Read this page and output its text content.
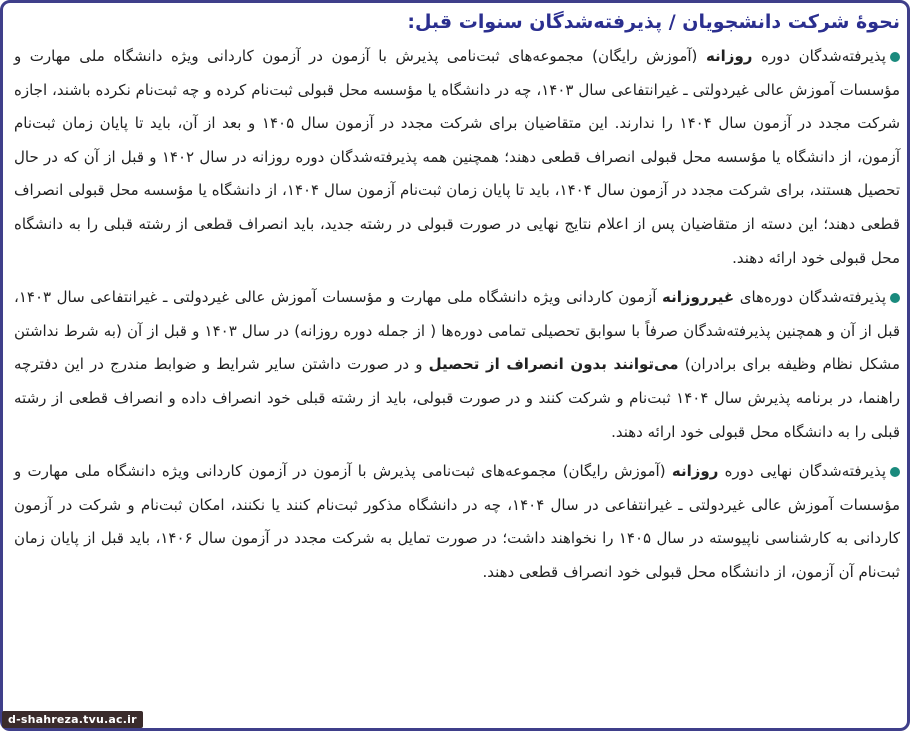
نحوهٔ شرکت دانشجویان / پذیرفته‌شدگان سنوات قبل:

پذیرفته‌شدگان دوره روزانه (آموزش رایگان) مجموعه‌های ثبت‌نامی پذیرش با آزمون در آزمون کاردانی ویژه دانشگاه ملی مهارت و مؤسسات آموزش عالی غیردولتی ـ غیرانتفاعی سال ۱۴۰۳، چه در دانشگاه یا مؤسسه محل قبولی ثبت‌نام کرده و چه ثبت‌نام نکرده باشند، اجازه شرکت مجدد در آزمون سال ۱۴۰۴ را ندارند. این متقاضیان برای شرکت مجدد در آزمون سال ۱۴۰۵ و بعد از آن، باید تا پایان زمان ثبت‌نام آزمون، از دانشگاه یا مؤسسه محل قبولی انصراف قطعی دهند؛ همچنین همه پذیرفته‌شدگان دوره روزانه در سال ۱۴۰۲ و قبل از آن که در حال تحصیل هستند، برای شرکت مجدد در آزمون سال ۱۴۰۴، باید تا پایان زمان ثبت‌نام آزمون سال ۱۴۰۴، از دانشگاه یا مؤسسه محل قبولی انصراف قطعی دهند؛ این دسته از متقاضیان پس از اعلام نتایج نهایی در صورت قبولی در رشته جدید، باید انصراف قطعی از رشته قبلی را به دانشگاه محل قبولی خود ارائه دهند.

پذیرفته‌شدگان دوره‌های غیرروزانه آزمون کاردانی ویژه دانشگاه ملی مهارت و مؤسسات آموزش عالی غیردولتی ـ غیرانتفاعی سال ۱۴۰۳، قبل از آن و همچنین پذیرفته‌شدگان صرفاً با سوابق تحصیلی تمامی دوره‌ها ( از جمله دوره روزانه) در سال ۱۴۰۳ و قبل از آن (به شرط نداشتن مشکل نظام وظیفه برای برادران) می‌توانند بدون انصراف از تحصیل و در صورت داشتن سایر شرایط و ضوابط مندرج در این دفترچه راهنما، در برنامه پذیرش سال ۱۴۰۴ ثبت‌نام و شرکت کنند و در صورت قبولی، باید از رشته قبلی خود انصراف داده و انصراف قطعی از رشته قبلی را به دانشگاه محل قبولی خود ارائه دهند.

پذیرفته‌شدگان نهایی دوره روزانه (آموزش رایگان) مجموعه‌های ثبت‌نامی پذیرش با آزمون در آزمون کاردانی ویژه دانشگاه ملی مهارت و مؤسسات آموزش عالی غیردولتی ـ غیرانتفاعی در سال ۱۴۰۴، چه در دانشگاه مذکور ثبت‌نام کنند یا نکنند، امکان ثبت‌نام و شرکت در آزمون کاردانی به کارشناسی ناپیوسته در سال ۱۴۰۵ را نخواهند داشت؛ در صورت تمایل به شرکت مجدد در آزمون سال ۱۴۰۶، باید قبل از پایان زمان ثبت‌نام آن آزمون، از دانشگاه محل قبولی خود انصراف قطعی دهند.

d-shahreza.tvu.ac.ir
